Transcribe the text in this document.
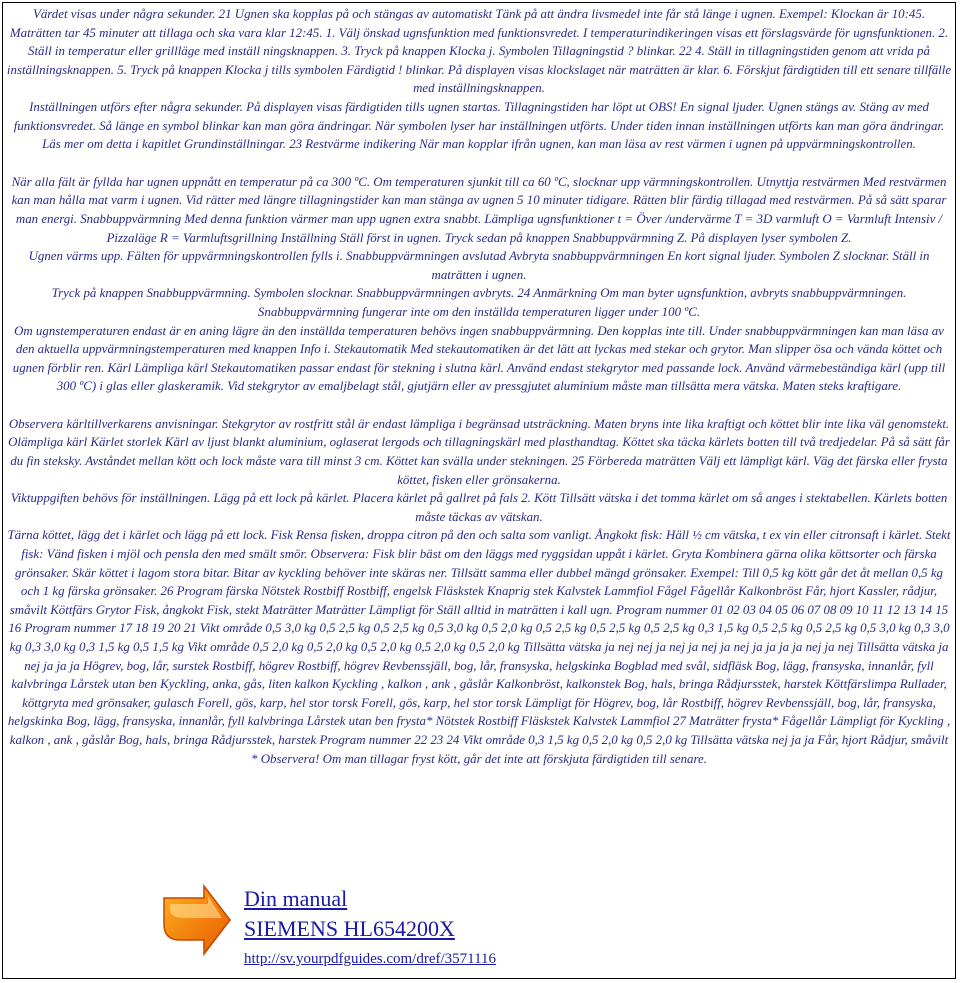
Värdet visas under några sekunder. 21 Ugnen ska kopplas på och stängas av automatiskt Tänk på att ändra livsmedel inte får stå länge i ugnen. Exempel: Klockan är 10:45. Maträtten tar 45 minuter att tillaga och ska vara klar 12:45. 1. Välj önskad ugnsfunktion med funktionsvredet. I temperaturindikeringen visas ett förslagsvärde för ugnsfunktionen. 2. Ställ in temperatur eller grillläge med inställ ningsknappen. 3. Tryck på knappen Klocka j. Symbolen Tillagningstid ? blinkar. 22 4. Ställ in tillagningstiden genom att vrida på inställningsknappen. 5. Tryck på knappen Klocka j tills symbolen Färdigtid ! blinkar. På displayen visas klockslaget när maträtten är klar. 6. Förskjut färdigtiden till ett senare tillfälle med inställningsknappen.

Inställningen utförs efter några sekunder. På displayen visas färdigtiden tills ugnen startas. Tillagningstiden har löpt ut OBS! En signal ljuder. Ugnen stängs av. Stäng av med funktionsvredet. Så länge en symbol blinkar kan man göra ändringar. När symbolen lyser har inställningen utförts. Under tiden innan inställningen utförts kan man göra ändringar. Läs mer om detta i kapitlet Grundinställningar. 23 Restvärme indikering När man kopplar ifrån ugnen, kan man läsa av rest värmen i ugnen på uppvärmningskontrollen.

När alla fält är fyllda har ugnen uppnått en temperatur på ca 300 ºC. Om temperaturen sjunkit till ca 60 ºC, slocknar upp värmningskontrollen. Utnyttja restvärmen Med restvärmen kan man hålla mat varm i ugnen. Vid rätter med längre tillagningstider kan man stänga av ugnen 5 10 minuter tidigare. Rätten blir färdig tillagad med restvärmen. På så sätt sparar man energi. Snabbuppvärmning Med denna funktion värmer man upp ugnen extra snabbt. Lämpliga ugnsfunktioner t = Över /undervärme T = 3D varmluft O = Varmluft Intensiv / Pizzaläge R = Varmluftsgrillning Inställning Ställ först in ugnen. Tryck sedan på knappen Snabbuppvärmning Z. På displayen lyser symbolen Z.

Ugnen värms upp. Fälten för uppvärmningskontrollen fylls i. Snabbuppvärmningen avslutad Avbryta snabbuppvärmningen En kort signal ljuder. Symbolen Z slocknar. Ställ in maträtten i ugnen.

Tryck på knappen Snabbuppvärmning. Symbolen slocknar. Snabbuppvärmningen avbryts. 24 Anmärkning Om man byter ugnsfunktion, avbryts snabbuppvärmningen. Snabbuppvärmning fungerar inte om den inställda temperaturen ligger under 100 ºC.

Om ugnstemperaturen endast är en aning lägre än den inställda temperaturen behövs ingen snabbuppvärmning. Den kopplas inte till. Under snabbuppvärmningen kan man läsa av den aktuella uppvärmningstemperaturen med knappen Info i. Stekautomatik Med stekautomatiken är det lätt att lyckas med stekar och grytor. Man slipper ösa och vända köttet och ugnen förblir ren. Kärl Lämpliga kärl Stekautomatiken passar endast för stekning i slutna kärl. Använd endast stekgrytor med passande lock. Använd värmebeständiga kärl (upp till 300 ºC) i glas eller glaskeramik. Vid stekgrytor av emaljbelagt stål, gjutjärn eller av pressgjutet aluminium måste man tillsätta mera vätska. Maten steks kraftigare.

Observera kärltillverkarens anvisningar. Stekgrytor av rostfritt stål är endast lämpliga i begränsad utsträckning. Maten bryns inte lika kraftigt och köttet blir inte lika väl genomstekt. Olämpliga kärl Kärlet storlek Kärl av ljust blankt aluminium, oglaserat lergods och tillagningskärl med plasthandtag. Köttet ska täcka kärlets botten till två tredjedelar. På så sätt får du fin steksky. Avståndet mellan kött och lock måste vara till minst 3 cm. Köttet kan svälla under stekningen. 25 Förbereda maträtten Välj ett lämpligt kärl. Väg det färska eller frysta köttet, fisken eller grönsakerna.

Viktuppgiften behövs för inställningen. Lägg på ett lock på kärlet. Placera kärlet på gallret på fals 2. Kött Tillsätt vätska i det tomma kärlet om så anges i stektabellen. Kärlets botten måste täckas av vätskan.

Tärna köttet, lägg det i kärlet och lägg på ett lock. Fisk Rensa fisken, droppa citron på den och salta som vanligt. Ångkokt fisk: Häll ½ cm vätska, t ex vin eller citronsaft i kärlet. Stekt fisk: Vänd fisken i mjöl och pensla den med smält smör. Observera: Fisk blir bäst om den läggs med ryggsidan uppåt i kärlet. Gryta Kombinera gärna olika köttsorter och färska grönsaker. Skär köttet i lagom stora bitar. Bitar av kyckling behöver inte skäras ner. Tillsätt samma eller dubbel mängd grönsaker. Exempel: Till 0,5 kg kött går det åt mellan 0,5 kg och 1 kg färska grönsaker. 26 Program färska Nötstek Rostbiff Rostbiff, engelsk Fläskstek Knaprig stek Kalvstek Lammfiol Fågel Fågellår Kalkonbröst Får, hjort Kassler, rådjur, småvilt Köttfärs Grytor Fisk, ångkokt Fisk, stekt Maträtter Maträtter Lämpligt för Ställ alltid in maträtten i kall ugn. Program nummer 01 02 03 04 05 06 07 08 09 10 11 12 13 14 15 16 Program nummer 17 18 19 20 21 Vikt område 0,5 3,0 kg 0,5 2,5 kg 0,5 2,5 kg 0,5 3,0 kg 0,5 2,0 kg 0,5 2,5 kg 0,5 2,5 kg 0,5 2,5 kg 0,3 1,5 kg 0,5 2,5 kg 0,5 2,5 kg 0,5 3,0 kg 0,3 3,0 kg 0,3 3,0 kg 0,3 1,5 kg 0,5 1,5 kg Vikt område 0,5 2,0 kg 0,5 2,0 kg 0,5 2,0 kg 0,5 2,0 kg 0,5 2,0 kg Tillsätta vätska ja nej nej ja nej ja nej ja nej ja ja ja ja nej ja nej Tillsätta vätska ja nej ja ja ja Högrev, bog, lår, surstek Rostbiff, högrev Rostbiff, högrev Revbenssjäll, bog, lår, fransyska, helgskinka Bogblad med svål, sidfläsk Bog, lägg, fransyska, innanlår, fyll kalvbringa Lårstek utan ben Kyckling, anka, gås, liten kalkon Kyckling , kalkon , ank , gåslår Kalkonbröst, kalkonstek Bog, hals, bringa Rådjursstek, harstek Köttfärslimpa Rullader, köttgryta med grönsaker, gulasch Forell, gös, karp, hel stor torsk Forell, gös, karp, hel stor torsk Lämpligt för Högrev, bog, lår Rostbiff, högrev Revbenssjäll, bog, lår, fransyska, helgskinka Bog, lägg, fransyska, innanlår, fyll kalvbringa Lårstek utan ben frysta* Nötstek Rostbiff Fläskstek Kalvstek Lammfiol 27 Maträtter frysta* Fågellår Lämpligt för Kyckling , kalkon , ank , gåslår Bog, hals, bringa Rådjursstek, harstek Program nummer 22 23 24 Vikt område 0,3 1,5 kg 0,5 2,0 kg 0,5 2,0 kg Tillsätta vätska nej ja ja Får, hjort Rådjur, småvilt * Observera! Om man tillagar fryst kött, går det inte att förskjuta färdigtiden till senare.

Din manual
SIEMENS HL654200X
http://sv.yourpdfguides.com/dref/3571116
